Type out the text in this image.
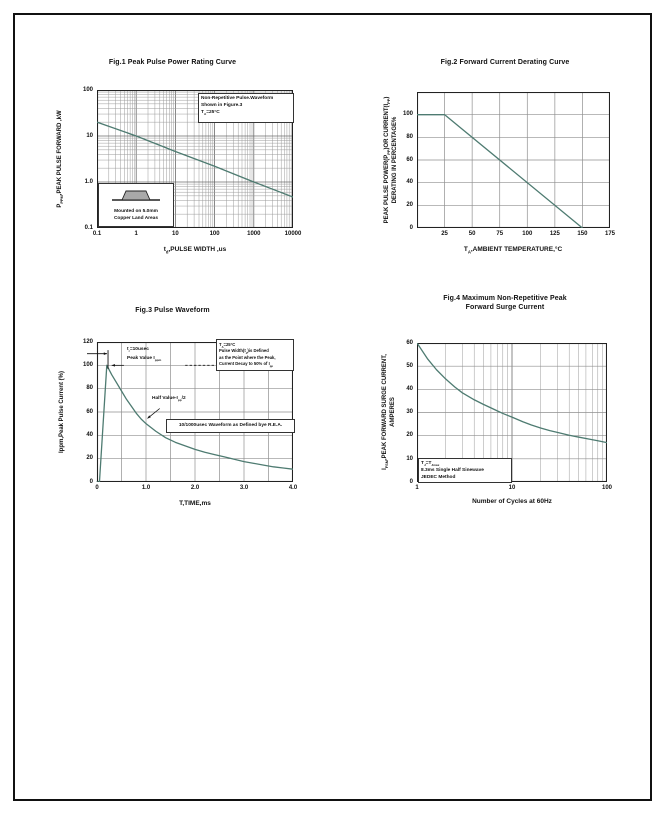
Fig.1 Peak Pulse Power Rating Curve
$P_{PPM},PEAK$ PULSE FORWARD ,kW
$t_d,PULSE$ WIDTH ,us
Non-Repetitive Pulse.Waveform
Shown in Figure.3
$T_A=25^\circ C$
Mounted on 5.0mm
Copper Land Areas
0.1	1	10	100	1000	10000
0.1
1.0
10
100
Fig.2 Forward Current Derating Curve
PEAK PULSE $POWER(P_{PP})OR$ $CURRENT(I_{PP})$
DERATING IN PERCENTAGE%
$T_A,AMBIENT$ TEMPERATURE,°C
25	50	75	100	125	150	175
0
20
40
60
80
100
Fig.3 Pulse Waveform
Ippm,Peak Pulse Current (%)
T,TIME,ms
$t_r=10usec$
Peak Value $I_{ppm}$
Half Value-$I_{pp}/2$
10/1000usec Waveform as Defined bye R.E.A.
$T_A=25^\circ C$
Pulse $Width(t_d)is$ Defined
as the Point where the Peak,
Current Decay to 50% of $I_{pp}$
0	1.0	2.0	3.0	4.0
0
20
40
60
80
100
120
Fig.4 Maximum Non-Repetitive Peak
Forward Surge Current
$I_{FSM},PEAK$ FORWARD SURGE CURRENT, AMPERES
Number of Cycles at 60Hz
$T_J=T_{Jmax}$
8.3ms Single Half Sinewave
JEDEC Method
1	10	100
0
10
20
30
40
50
60
